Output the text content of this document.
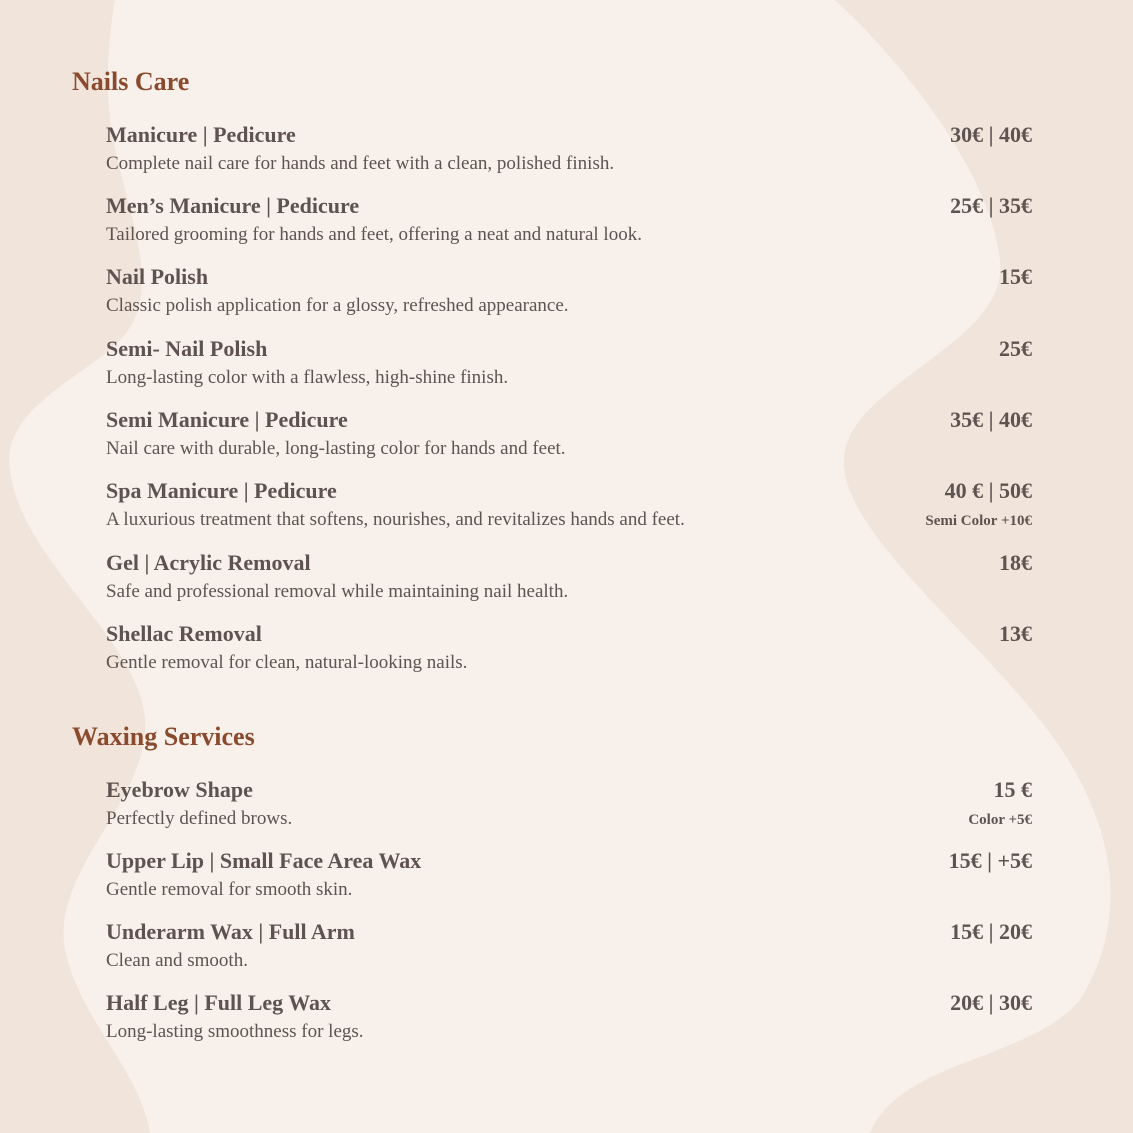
Nails Care
Manicure | Pedicure
Complete nail care for hands and feet with a clean, polished finish.
30€ | 40€
Men’s Manicure | Pedicure
Tailored grooming for hands and feet, offering a neat and natural look.
25€ | 35€
Nail Polish
Classic polish application for a glossy, refreshed appearance.
15€
Semi- Nail Polish
Long-lasting color with a flawless, high-shine finish.
25€
Semi Manicure | Pedicure
Nail care with durable, long-lasting color for hands and feet.
35€ | 40€
Spa Manicure | Pedicure
A luxurious treatment that softens, nourishes, and revitalizes hands and feet.
40 € | 50€
Semi Color +10€
Gel | Acrylic Removal
Safe and professional removal while maintaining nail health.
18€
Shellac Removal
Gentle removal for clean, natural-looking nails.
13€
Waxing Services
Eyebrow Shape
Perfectly defined brows.
15 €
Color +5€
Upper Lip | Small Face Area Wax
Gentle removal for smooth skin.
15€ | +5€
Underarm Wax | Full Arm
Clean and smooth.
15€ | 20€
Half Leg | Full Leg Wax
Long-lasting smoothness for legs.
20€ | 30€
